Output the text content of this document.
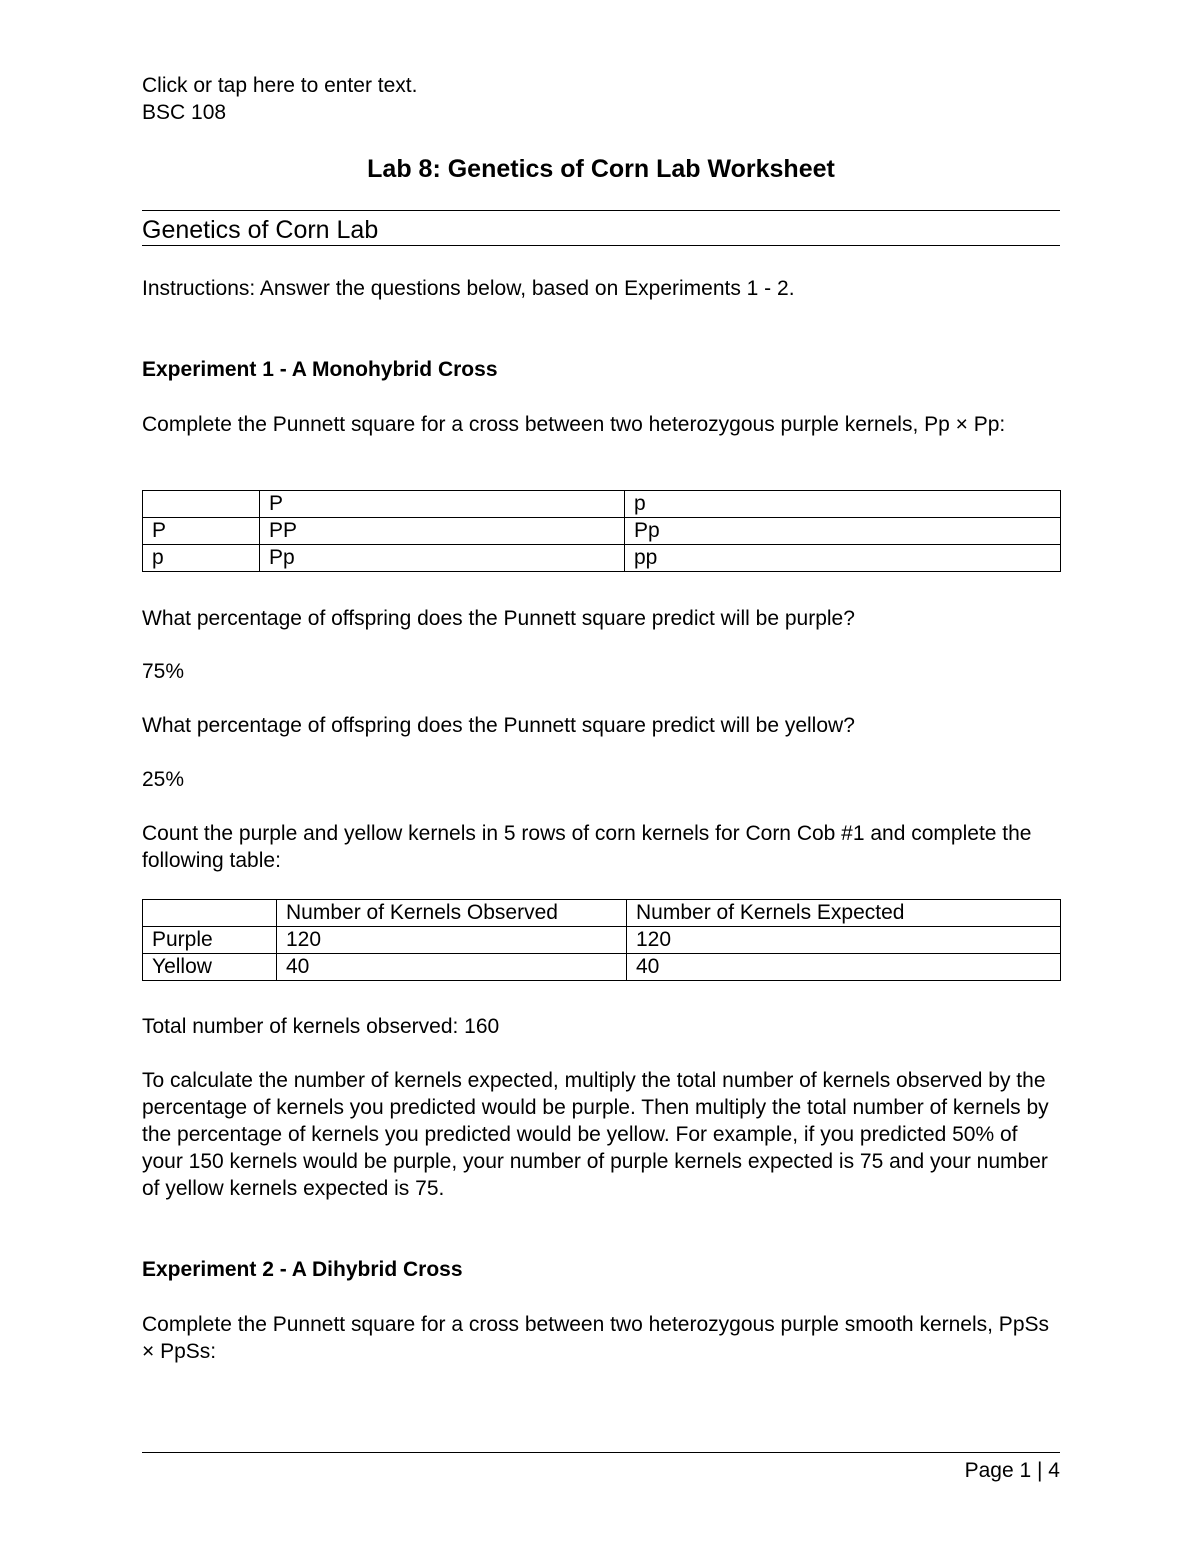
Click or tap here to enter text.
BSC 108
Lab 8: Genetics of Corn Lab Worksheet
Genetics of Corn Lab
Instructions: Answer the questions below, based on Experiments 1 - 2.
Experiment 1 - A Monohybrid Cross
Complete the Punnett square for a cross between two heterozygous purple kernels, Pp × Pp:
	P	p
P	PP	Pp
p	Pp	pp
What percentage of offspring does the Punnett square predict will be purple?
75%
What percentage of offspring does the Punnett square predict will be yellow?
25%
Count the purple and yellow kernels in 5 rows of corn kernels for Corn Cob #1 and complete the following table:
	Number of Kernels Observed	Number of Kernels Expected
Purple	120	120
Yellow	40	40
Total number of kernels observed: 160
To calculate the number of kernels expected, multiply the total number of kernels observed by the percentage of kernels you predicted would be purple. Then multiply the total number of kernels by the percentage of kernels you predicted would be yellow. For example, if you predicted 50% of your 150 kernels would be purple, your number of purple kernels expected is 75 and your number of yellow kernels expected is 75.
Experiment 2 - A Dihybrid Cross
Complete the Punnett square for a cross between two heterozygous purple smooth kernels, PpSs × PpSs:
Page 1 | 4
